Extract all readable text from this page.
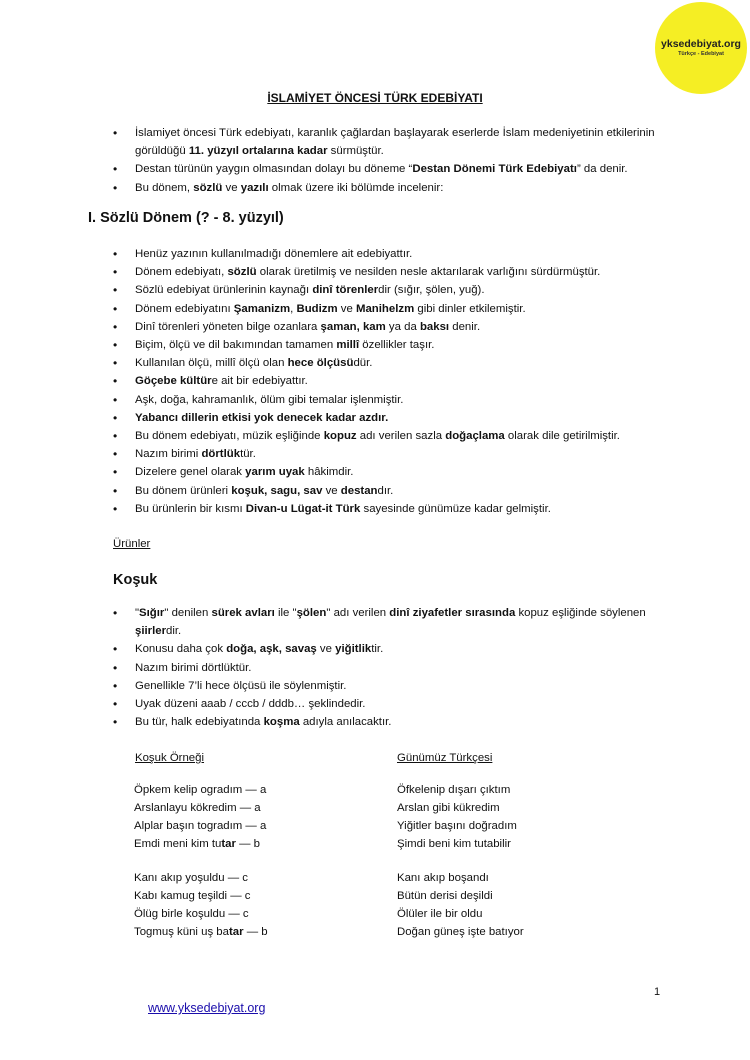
yksedebiyat.org
Türkçe - Edebiyat
İSLAMİYET ÖNCESİ TÜRK EDEBİYATI
• İslamiyet öncesi Türk edebiyatı, karanlık çağlardan başlayarak eserlerde İslam medeniyetinin etkilerinin görüldüğü 11. yüzyıl ortalarına kadar sürmüştür.
• Destan türünün yaygın olmasından dolayı bu döneme “Destan Dönemi Türk Edebiyatı” da denir.
• Bu dönem, sözlü ve yazılı olmak üzere iki bölümde incelenir:
I. Sözlü Dönem (? - 8. yüzyıl)
• Henüz yazının kullanılmadığı dönemlere ait edebiyattır.
• Dönem edebiyatı, sözlü olarak üretilmiş ve nesilden nesle aktarılarak varlığını sürdürmüştür.
• Sözlü edebiyat ürünlerinin kaynağı dinî törenlerdir (sığır, şölen, yuğ).
• Dönem edebiyatını Şamanizm, Budizm ve Manihelzm gibi dinler etkilemiştir.
• Dinî törenleri yöneten bilge ozanlara şaman, kam ya da baksı denir.
• Biçim, ölçü ve dil bakımından tamamen millî özellikler taşır.
• Kullanılan ölçü, millî ölçü olan hece ölçüsüdür.
• Göçebe kültüre ait bir edebiyattır.
• Aşk, doğa, kahramanlık, ölüm gibi temalar işlenmiştir.
• Yabancı dillerin etkisi yok denecek kadar azdır.
• Bu dönem edebiyatı, müzik eşliğinde kopuz adı verilen sazla doğaçlama olarak dile getirilmiştir.
• Nazım birimi dörtlüktür.
• Dizelere genel olarak yarım uyak hâkimdir.
• Bu dönem ürünleri koşuk, sagu, sav ve destandır.
• Bu ürünlerin bir kısmı Divan-u Lügat-it Türk sayesinde günümüze kadar gelmiştir.
Ürünler
Koşuk
• "Sığır" denilen sürek avları ile "şölen" adı verilen dinî ziyafetler sırasında kopuz eşliğinde söylenen şiirlerdir.
• Konusu daha çok doğa, aşk, savaş ve yiğitliktir.
• Nazım birimi dörtlüktür.
• Genellikle 7’li hece ölçüsü ile söylenmiştir.
• Uyak düzeni aaab / cccb / dddb… şeklindedir.
• Bu tür, halk edebiyatında koşma adıyla anılacaktır.
Koşuk Örneği	Günümüz Türkçesi
Öpkem kelip ogradım — a
Arslanlayu kökredim — a
Alplar başın togradım — a
Emdi meni kim tutar — b
Kanı akıp yoşuldu — c
Kabı kamug teşildi — c
Ölüg birle koşuldu — c
Togmuş küni uş batar — b
Öfkelenip dışarı çıktım
Arslan gibi kükredim
Yiğitler başını doğradım
Şimdi beni kim tutabilir
Kanı akıp boşandı
Bütün derisi deşildi
Ölüler ile bir oldu
Doğan güneş işte batıyor
1
www.yksedebiyat.org
